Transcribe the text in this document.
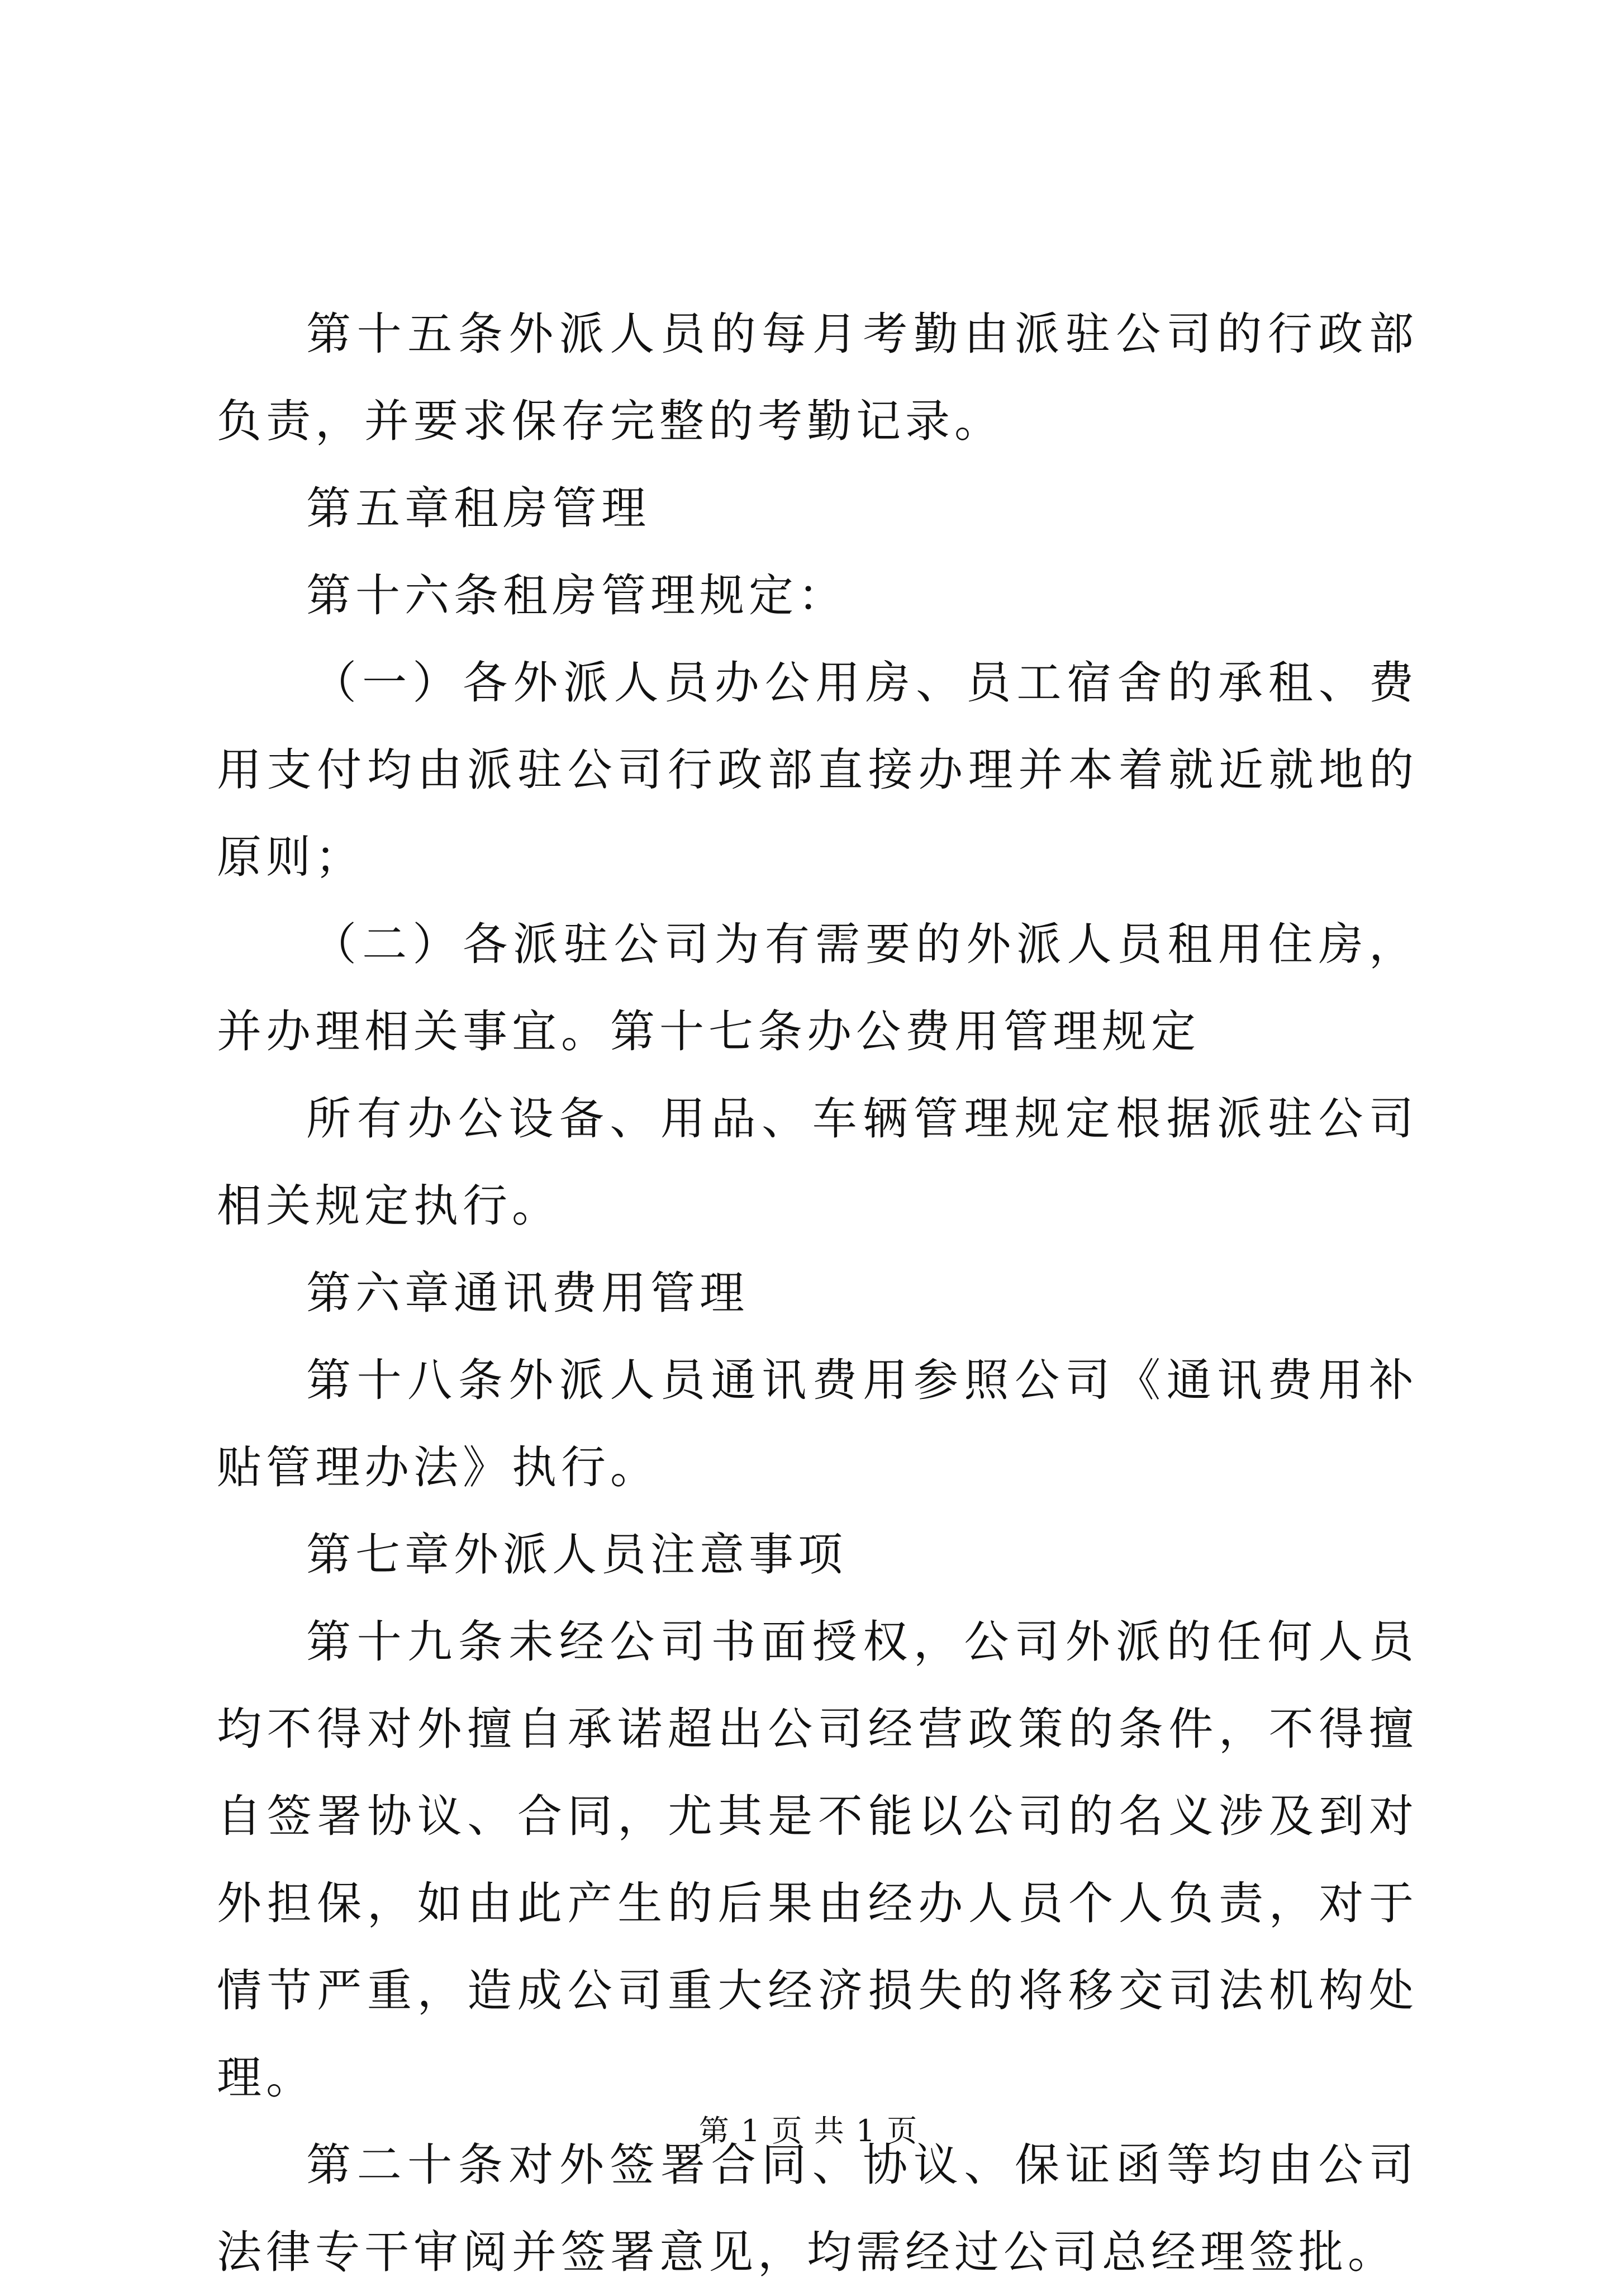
第十五条外派人员的每月考勤由派驻公司的行政部负责，并要求保存完整的考勤记录。

第五章租房管理

第十六条租房管理规定：

（一）各外派人员办公用房、员工宿舍的承租、费用支付均由派驻公司行政部直接办理并本着就近就地的原则；

（二）各派驻公司为有需要的外派人员租用住房，并办理相关事宜。第十七条办公费用管理规定

所有办公设备、用品、车辆管理规定根据派驻公司相关规定执行。

第六章通讯费用管理

第十八条外派人员通讯费用参照公司《通讯费用补贴管理办法》执行。

第七章外派人员注意事项

第十九条未经公司书面授权，公司外派的任何人员均不得对外擅自承诺超出公司经营政策的条件，不得擅自签署协议、合同，尤其是不能以公司的名义涉及到对外担保，如由此产生的后果由经办人员个人负责，对于情节严重，造成公司重大经济损失的将移交司法机构处理。

第二十条对外签署合同、协议、保证函等均由公司法律专干审阅并签署意见，均需经过公司总经理签批。

第 1 页 共 1 页
